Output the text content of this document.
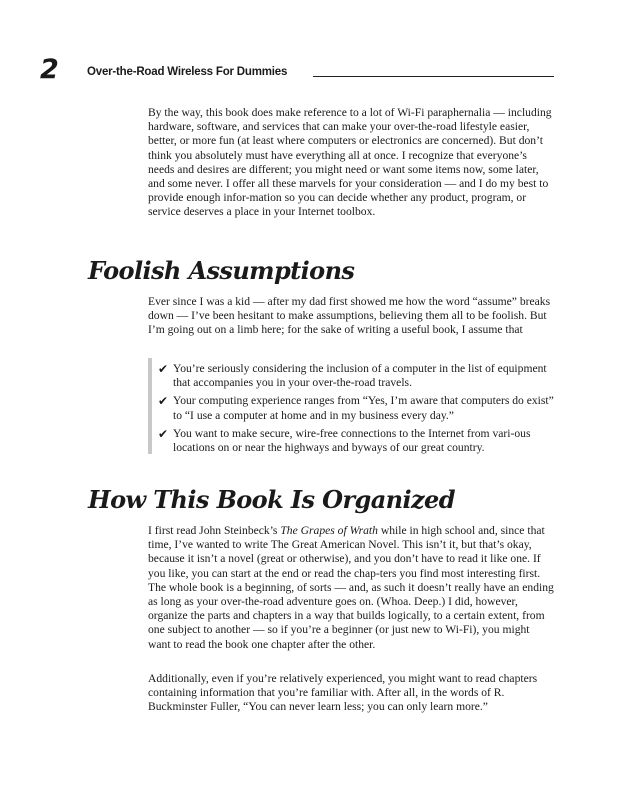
2	Over-the-Road Wireless For Dummies

By the way, this book does make reference to a lot of Wi-Fi paraphernalia — including hardware, software, and services that can make your over-the-road lifestyle easier, better, or more fun (at least where computers or electronics are concerned). But don’t think you absolutely must have everything all at once. I recognize that everyone’s needs and desires are different; you might need or want some items now, some later, and some never. I offer all these marvels for your consideration — and I do my best to provide enough infor-mation so you can decide whether any product, program, or service deserves a place in your Internet toolbox.

Foolish Assumptions

Ever since I was a kid — after my dad first showed me how the word “assume” breaks down — I’ve been hesitant to make assumptions, believing them all to be foolish. But I’m going out on a limb here; for the sake of writing a useful book, I assume that

✔ You’re seriously considering the inclusion of a computer in the list of equipment that accompanies you in your over-the-road travels.
✔ Your computing experience ranges from “Yes, I’m aware that computers do exist” to “I use a computer at home and in my business every day.”
✔ You want to make secure, wire-free connections to the Internet from vari-ous locations on or near the highways and byways of our great country.
How This Book Is Organized

I first read John Steinbeck’s The Grapes of Wrath while in high school and, since that time, I’ve wanted to write The Great American Novel. This isn’t it, but that’s okay, because it isn’t a novel (great or otherwise), and you don’t have to read it like one. If you like, you can start at the end or read the chap-ters you find most interesting first. The whole book is a beginning, of sorts — and, as such it doesn’t really have an ending as long as your over-the-road adventure goes on. (Whoa. Deep.) I did, however, organize the parts and chapters in a way that builds logically, to a certain extent, from one subject to another — so if you’re a beginner (or just new to Wi-Fi), you might want to read the book one chapter after the other.

Additionally, even if you’re relatively experienced, you might want to read chapters containing information that you’re familiar with. After all, in the words of R. Buckminster Fuller, “You can never learn less; you can only learn more.”
